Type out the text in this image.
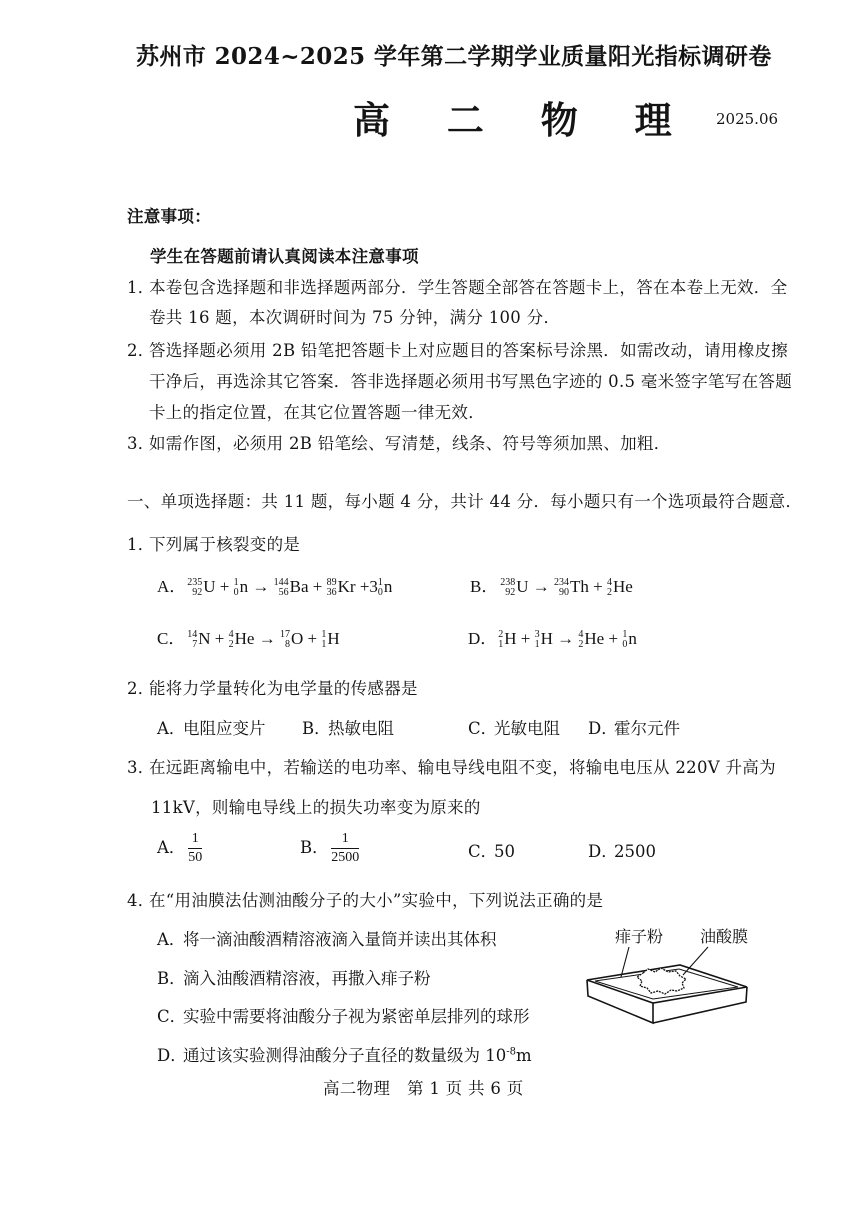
苏州市 2024~2025 学年第二学期学业质量阳光指标调研卷
高 二 物 理 2025.06
注意事项：
学生在答题前请认真阅读本注意事项
1．本卷包含选择题和非选择题两部分．学生答题全部答在答题卡上，答在本卷上无效．全
卷共 16 题，本次调研时间为 75 分钟，满分 100 分．
2．答选择题必须用 2B 铅笔把答题卡上对应题目的答案标号涂黑．如需改动，请用橡皮擦
干净后，再选涂其它答案．答非选择题必须用书写黑色字迹的 0.5 毫米签字笔写在答题
卡上的指定位置，在其它位置答题一律无效．
3．如需作图，必须用 2B 铅笔绘、写清楚，线条、符号等须加黑、加粗．
一、单项选择题：共 11 题，每小题 4 分，共计 44 分．每小题只有一个选项最符合题意．
1．下列属于核裂变的是
A． 235
92 U + 1
0 n → 144
56 Ba + 89
36 Kr +3 1
0 n	B． 238
92 U → 234
90 Th + 4
2 He
C． 14
7 N + 4
2 He → 17
8 O + 1
1 H	D． 2
1 H + 3
1 H → 4
2 He + 1
0 n
2．能将力学量转化为电学量的传感器是
A．电阻应变片 B．热敏电阻	C．光敏电阻 D．霍尔元件
3．在远距离输电中，若输送的电功率、输电导线电阻不变，将输电电压从 220V 升高为
11kV，则输电导线上的损失功率变为原来的
A． $\frac{1}{50}$	B． $\frac{1}{2500}$	C．50	D．2500
4．在“用油膜法估测油酸分子的大小”实验中，下列说法正确的是
A．将一滴油酸酒精溶液滴入量筒并读出其体积
B．滴入油酸酒精溶液，再撒入痱子粉
C．实验中需要将油酸分子视为紧密单层排列的球形
D．通过该实验测得油酸分子直径的数量级为 $10^{-8}m$
痱子粉 油酸膜
高二物理　第 1 页 共 6 页
